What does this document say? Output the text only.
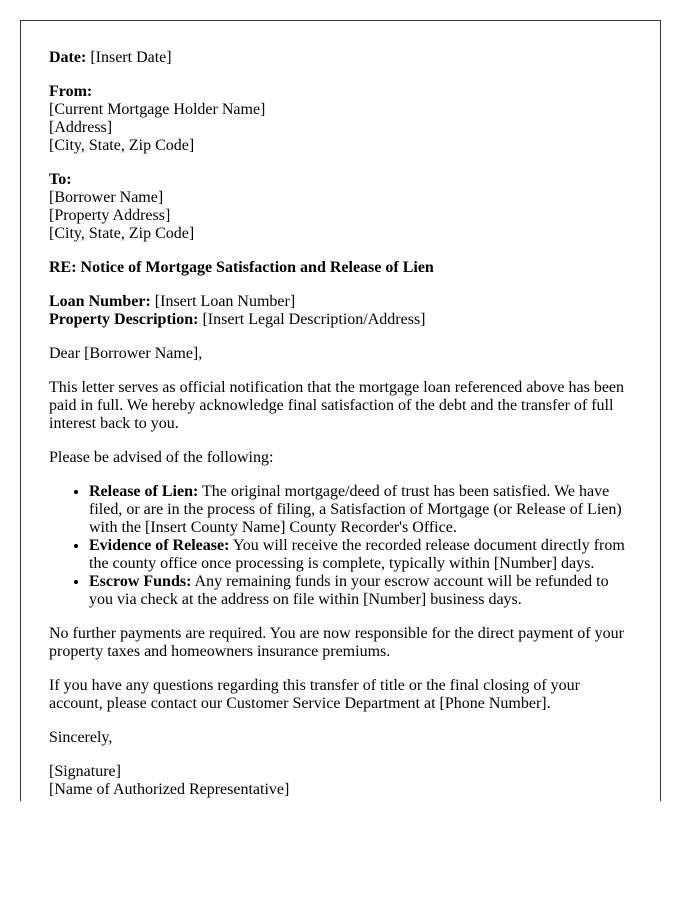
Date: [Insert Date]

From:
[Current Mortgage Holder Name]
[Address]
[City, State, Zip Code]

To:
[Borrower Name]
[Property Address]
[City, State, Zip Code]

RE: Notice of Mortgage Satisfaction and Release of Lien

Loan Number: [Insert Loan Number]
Property Description: [Insert Legal Description/Address]

Dear [Borrower Name],

This letter serves as official notification that the mortgage loan referenced above has been paid in full. We hereby acknowledge final satisfaction of the debt and the transfer of full interest back to you.

Please be advised of the following:

• Release of Lien: The original mortgage/deed of trust has been satisfied. We have filed, or are in the process of filing, a Satisfaction of Mortgage (or Release of Lien) with the [Insert County Name] County Recorder's Office.
• Evidence of Release: You will receive the recorded release document directly from the county office once processing is complete, typically within [Number] days.
• Escrow Funds: Any remaining funds in your escrow account will be refunded to you via check at the address on file within [Number] business days.

No further payments are required. You are now responsible for the direct payment of your property taxes and homeowners insurance premiums.

If you have any questions regarding this transfer of title or the final closing of your account, please contact our Customer Service Department at [Phone Number].

Sincerely,

[Signature]
[Name of Authorized Representative]
